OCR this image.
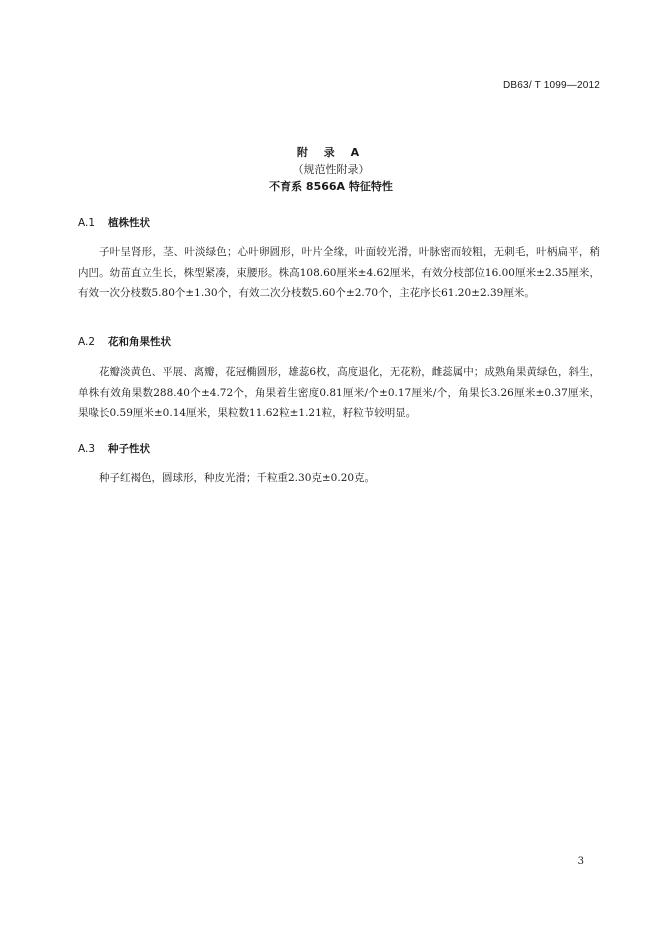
DB63/ T 1099—2012
附 录 A
（规范性附录）
不育系 8566A 特征特性
A.1 植株性状
子叶呈肾形，茎、叶淡绿色；心叶卵圆形，叶片全缘，叶面较光滑，叶脉密而较粗，无刺毛，叶柄扁平，稍内凹。幼苗直立生长，株型紧凑，束腰形。株高108.60厘米±4.62厘米，有效分枝部位16.00厘米±2.35厘米，有效一次分枝数5.80个±1.30个，有效二次分枝数5.60个±2.70个，主花序长61.20±2.39厘米。
A.2 花和角果性状
花瓣淡黄色、平展、离瓣，花冠椭圆形，雄蕊6枚，高度退化，无花粉，雌蕊属中；成熟角果黄绿色，斜生，单株有效角果数288.40个±4.72个，角果着生密度0.81厘米/个±0.17厘米/个，角果长3.26厘米±0.37厘米，果喙长0.59厘米±0.14厘米，果粒数11.62粒±1.21粒，籽粒节较明显。
A.3 种子性状
种子红褐色，圆球形，种皮光滑；千粒重2.30克±0.20克。
3
